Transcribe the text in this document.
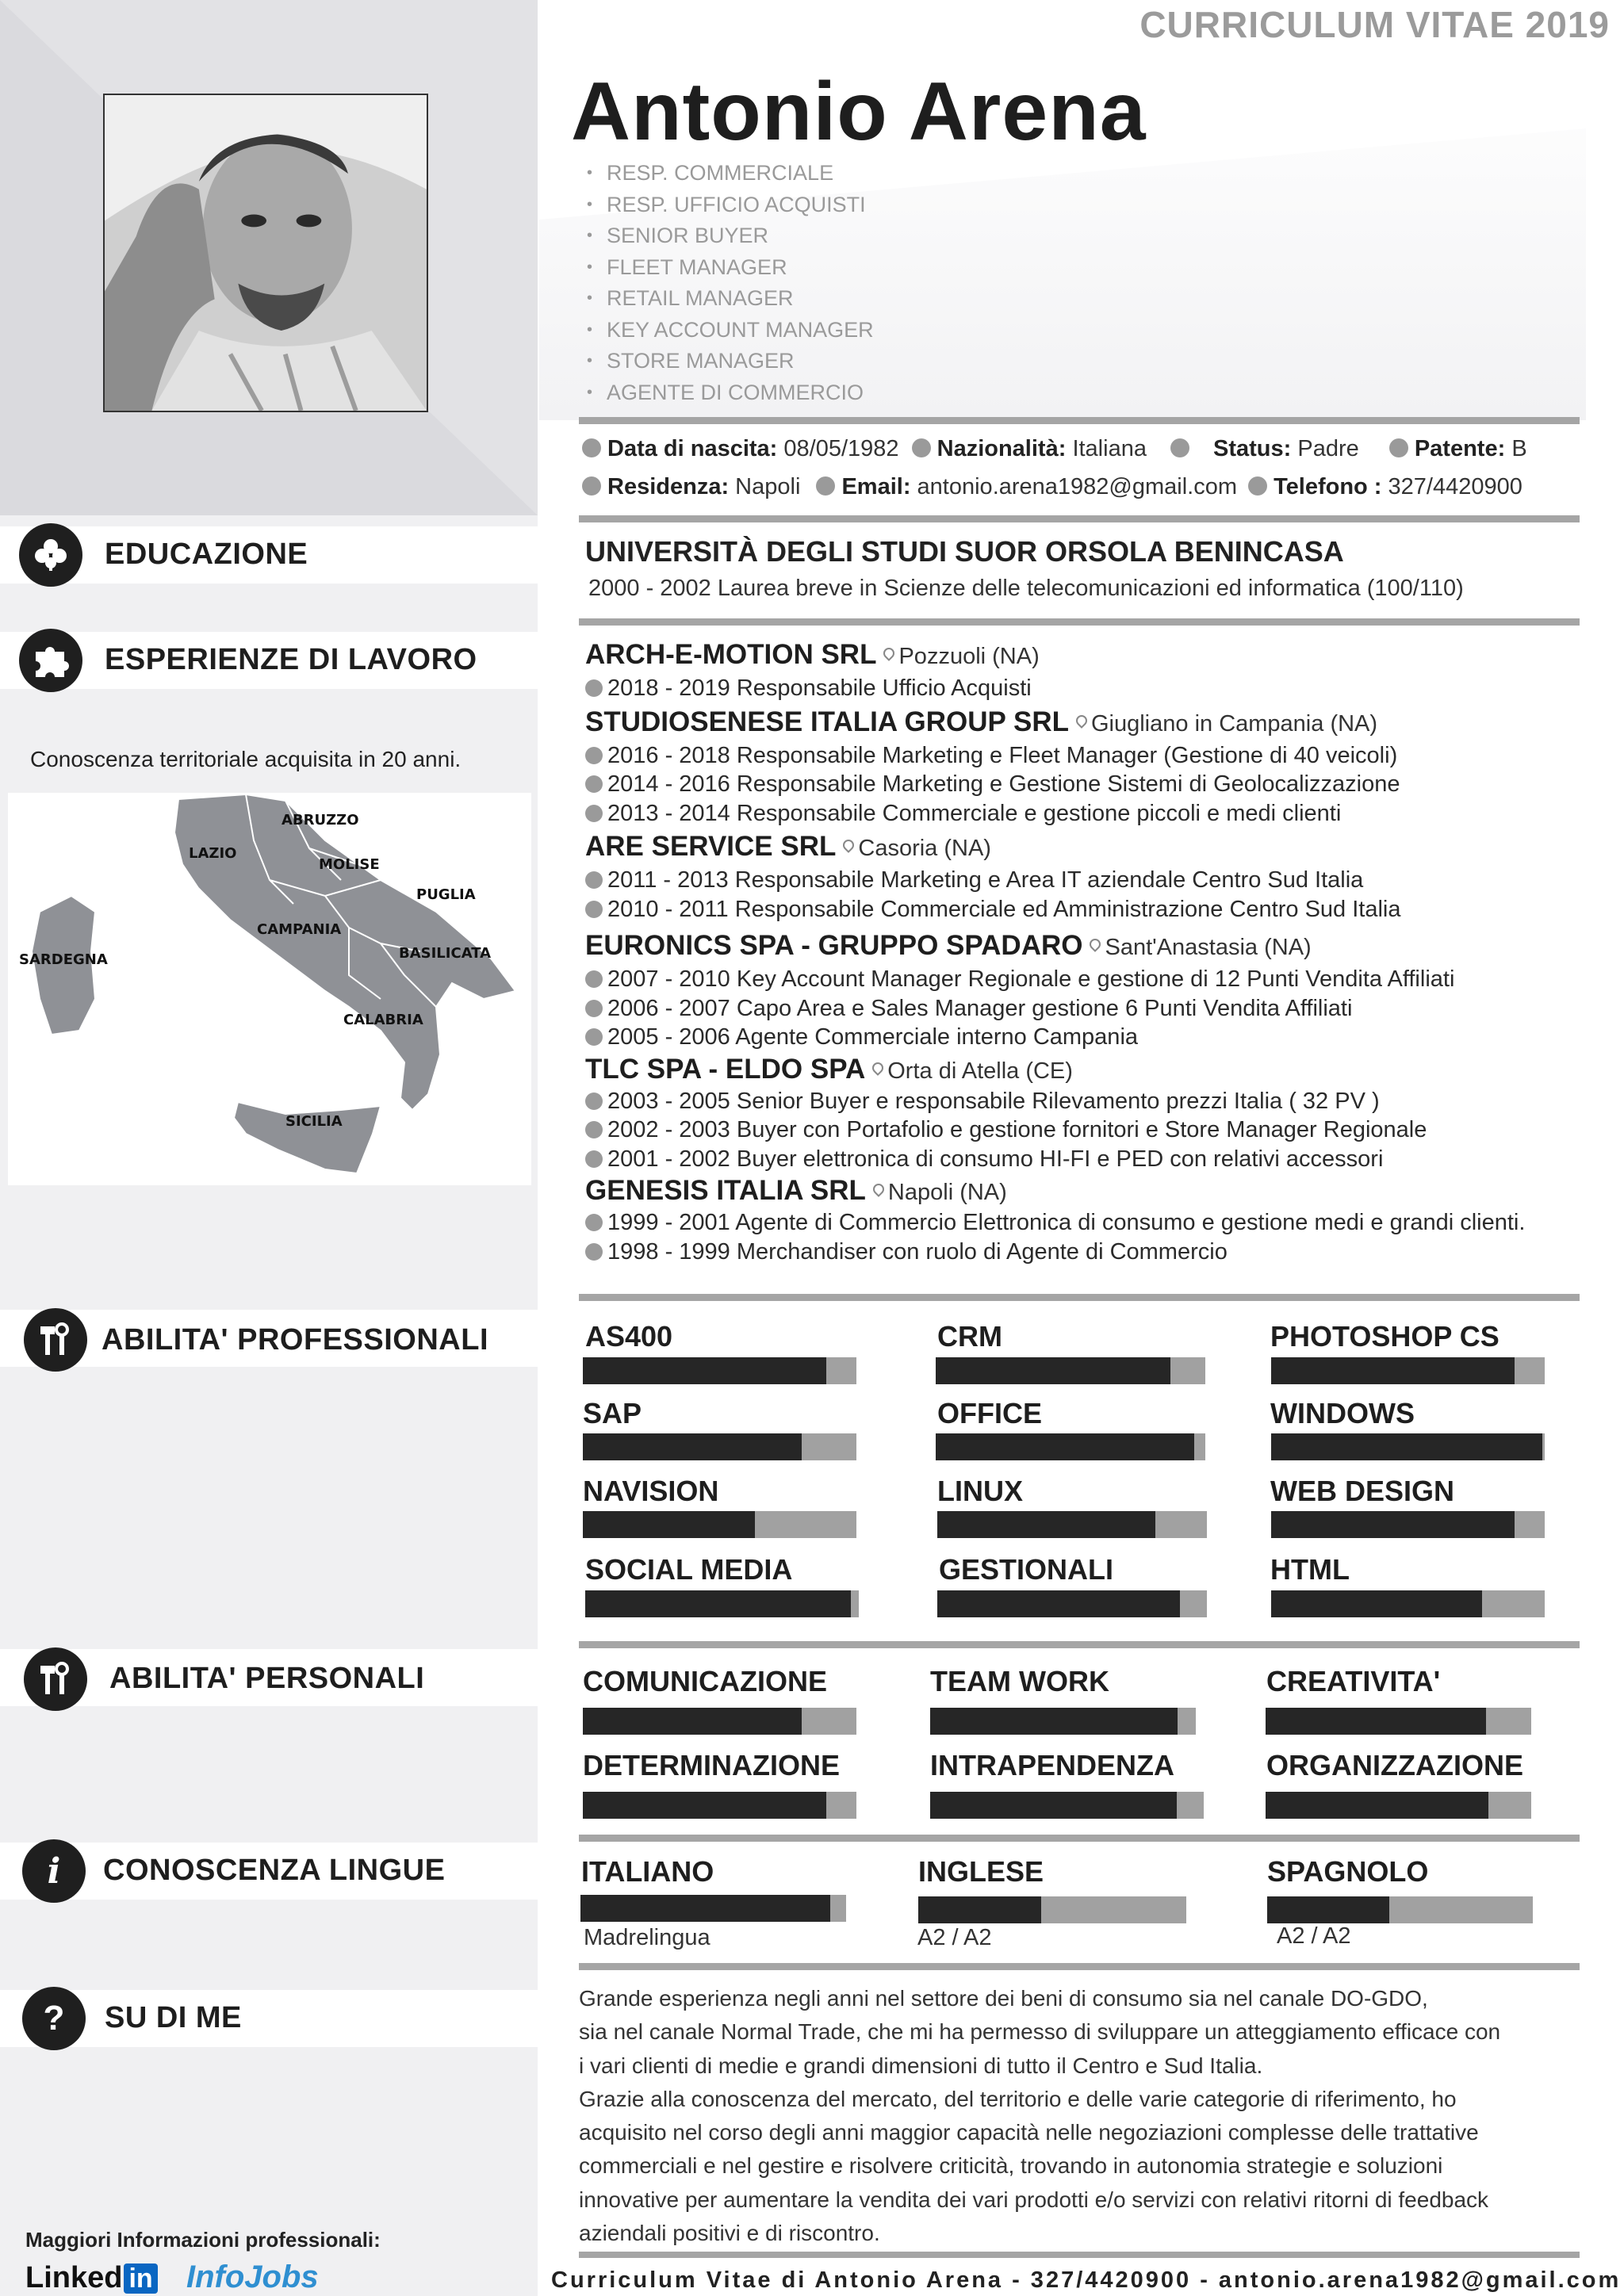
CURRICULUM VITAE 2019
Antonio Arena
• RESP. COMMERCIALE
• RESP. UFFICIO ACQUISTI
• SENIOR BUYER
• FLEET MANAGER
• RETAIL MANAGER
• KEY ACCOUNT MANAGER
• STORE MANAGER
• AGENTE DI COMMERCIO
Data di nascita: 08/05/1982 Nazionalità: Italiana	Status: Padre Patente: B
Residenza: Napoli Email: antonio.arena1982@gmail.com Telefono : 327/4420900
EDUCAZIONE
ESPERIENZE DI LAVORO
Conoscenza territoriale acquisita in 20 anni.
ABRUZZO
LAZIO
MOLISE
PUGLIA
CAMPANIA
BASILICATA
SARDEGNA
CALABRIA
SICILIA
ABILITA' PROFESSIONALI
ABILITA' PERSONALI
i	CONOSCENZA LINGUE
?	SU DI ME
UNIVERSITÀ DEGLI STUDI SUOR ORSOLA BENINCASA
2000 - 2002 Laurea breve in Scienze delle telecomunicazioni ed informatica (100/110)
ARCH-E-MOTION SRL Pozzuoli (NA)
2018 - 2019 Responsabile Ufficio Acquisti
STUDIOSENESE ITALIA GROUP SRL Giugliano in Campania (NA)
2016 - 2018 Responsabile Marketing e Fleet Manager (Gestione di 40 veicoli)
2014 - 2016 Responsabile Marketing e Gestione Sistemi di Geolocalizzazione
2013 - 2014 Responsabile Commerciale e gestione piccoli e medi clienti
ARE SERVICE SRL Casoria (NA)
2011 - 2013 Responsabile Marketing e Area IT aziendale Centro Sud Italia
2010 - 2011 Responsabile Commerciale ed Amministrazione Centro Sud Italia
EURONICS SPA - GRUPPO SPADARO Sant'Anastasia (NA)
2007 - 2010 Key Account Manager Regionale e gestione di 12 Punti Vendita Affiliati
2006 - 2007 Capo Area e Sales Manager gestione 6 Punti Vendita Affiliati
2005 - 2006 Agente Commerciale interno Campania
TLC SPA - ELDO SPA Orta di Atella (CE)
2003 - 2005 Senior Buyer e responsabile Rilevamento prezzi Italia ( 32 PV )
2002 - 2003 Buyer con Portafolio e gestione fornitori e Store Manager Regionale
2001 - 2002 Buyer elettronica di consumo HI-FI e PED con relativi accessori
GENESIS ITALIA SRL Napoli (NA)
1999 - 2001 Agente di Commercio Elettronica di consumo e gestione medi e grandi clienti.
1998 - 1999 Merchandiser con ruolo di Agente di Commercio
AS400	CRM	PHOTOSHOP CS
SAP	OFFICE	WINDOWS
NAVISION	LINUX	WEB DESIGN
SOCIAL MEDIA	GESTIONALI	HTML
COMUNICAZIONE	TEAM WORK	CREATIVITA'
DETERMINAZIONE	INTRAPENDENZA	ORGANIZZAZIONE
ITALIANO
Madrelingua
INGLESE
A2 / A2
SPAGNOLO
A2 / A2

Grande esperienza negli anni nel settore dei beni di consumo sia nel canale DO-GDO,

sia nel canale Normal Trade, che mi ha permesso di sviluppare un atteggiamento efficace con

i vari clienti di medie e grandi dimensioni di tutto il Centro e Sud Italia.

Grazie alla conoscenza del mercato, del territorio e delle varie categorie di riferimento, ho

acquisito nel corso degli anni maggior capacità nelle negoziazioni complesse delle trattative

commerciali e nel gestire e risolvere criticità, trovando in autonomia strategie e soluzioni

innovative per aumentare la vendita dei vari prodotti e/o servizi con relativi ritorni di feedback

aziendali positivi e di riscontro.

Maggiori Informazioni professionali:
Linked in InfoJobs	Curriculum Vitae di Antonio Arena - 327/4420900 - antonio.arena1982@gmail.com
